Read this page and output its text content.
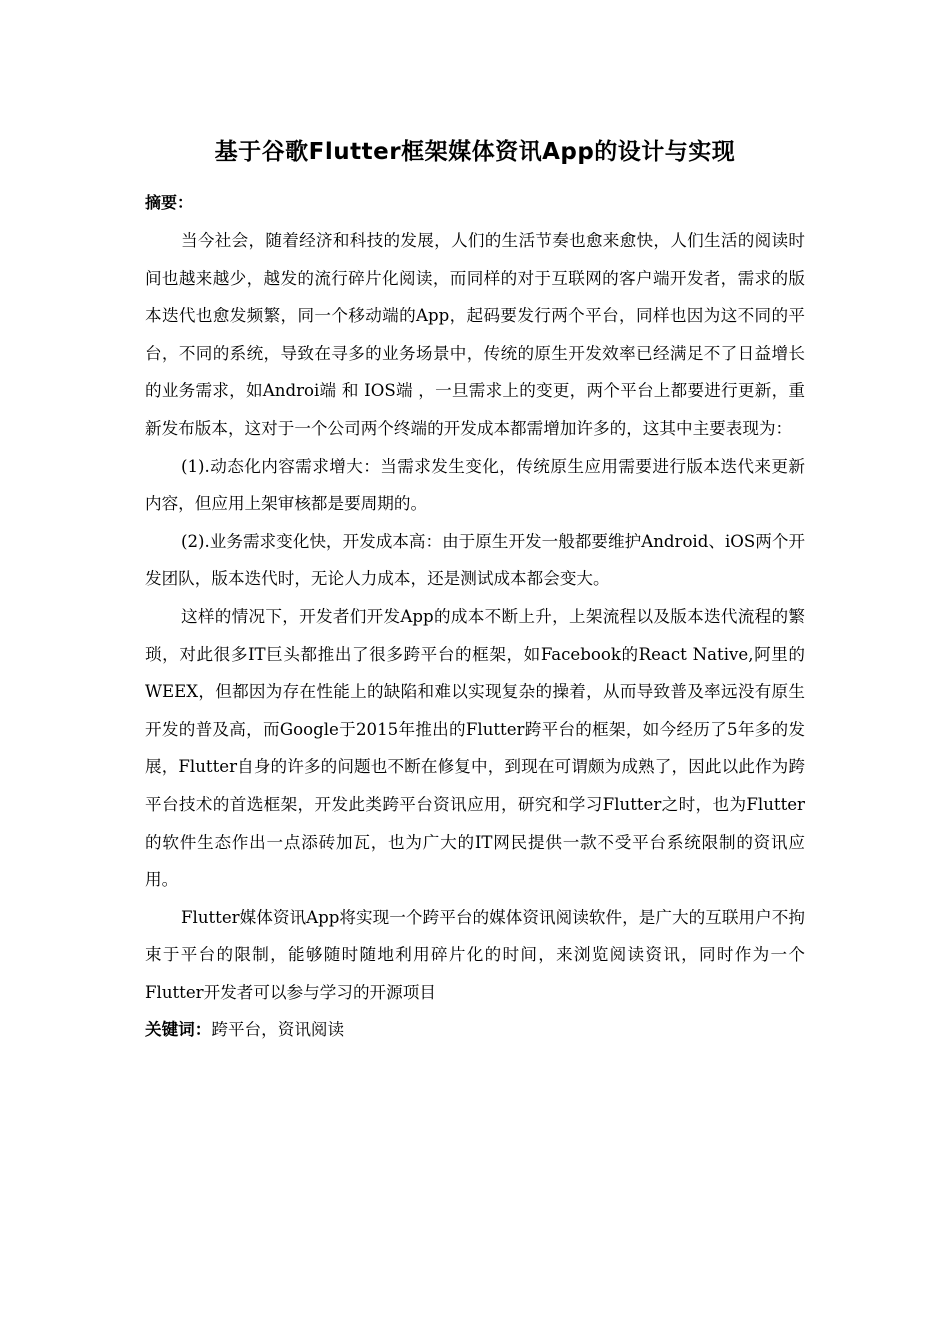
基于谷歌Flutter框架媒体资讯App的设计与实现
摘要：

当今社会，随着经济和科技的发展，人们的生活节奏也愈来愈快，人们生活的阅读时间也越来越少，越发的流行碎片化阅读，而同样的对于互联网的客户端开发者，需求的版本迭代也愈发频繁，同一个移动端的App，起码要发行两个平台，同样也因为这不同的平台，不同的系统，导致在寻多的业务场景中，传统的原生开发效率已经满足不了日益增长的业务需求，如Androi端 和 IOS端 ，一旦需求上的变更，两个平台上都要进行更新，重新发布版本，这对于一个公司两个终端的开发成本都需增加许多的，这其中主要表现为：

(1).动态化内容需求增大：当需求发生变化，传统原生应用需要进行版本迭代来更新内容，但应用上架审核都是要周期的。

(2).业务需求变化快，开发成本高：由于原生开发一般都要维护Android、iOS两个开发团队，版本迭代时，无论人力成本，还是测试成本都会变大。

这样的情况下，开发者们开发App的成本不断上升，上架流程以及版本迭代流程的繁琐，对此很多IT巨头都推出了很多跨平台的框架，如Facebook的React Native,阿里的WEEX，但都因为存在性能上的缺陷和难以实现复杂的操着，从而导致普及率远没有原生开发的普及高，而Google于2015年推出的Flutter跨平台的框架，如今经历了5年多的发展，Flutter自身的许多的问题也不断在修复中，到现在可谓颇为成熟了，因此以此作为跨平台技术的首选框架，开发此类跨平台资讯应用，研究和学习Flutter之时，也为Flutter的软件生态作出一点添砖加瓦，也为广大的IT网民提供一款不受平台系统限制的资讯应用。

Flutter媒体资讯App将实现一个跨平台的媒体资讯阅读软件，是广大的互联用户不拘束于平台的限制，能够随时随地利用碎片化的时间，来浏览阅读资讯，同时作为一个Flutter开发者可以参与学习的开源项目

关键词：跨平台，资讯阅读
